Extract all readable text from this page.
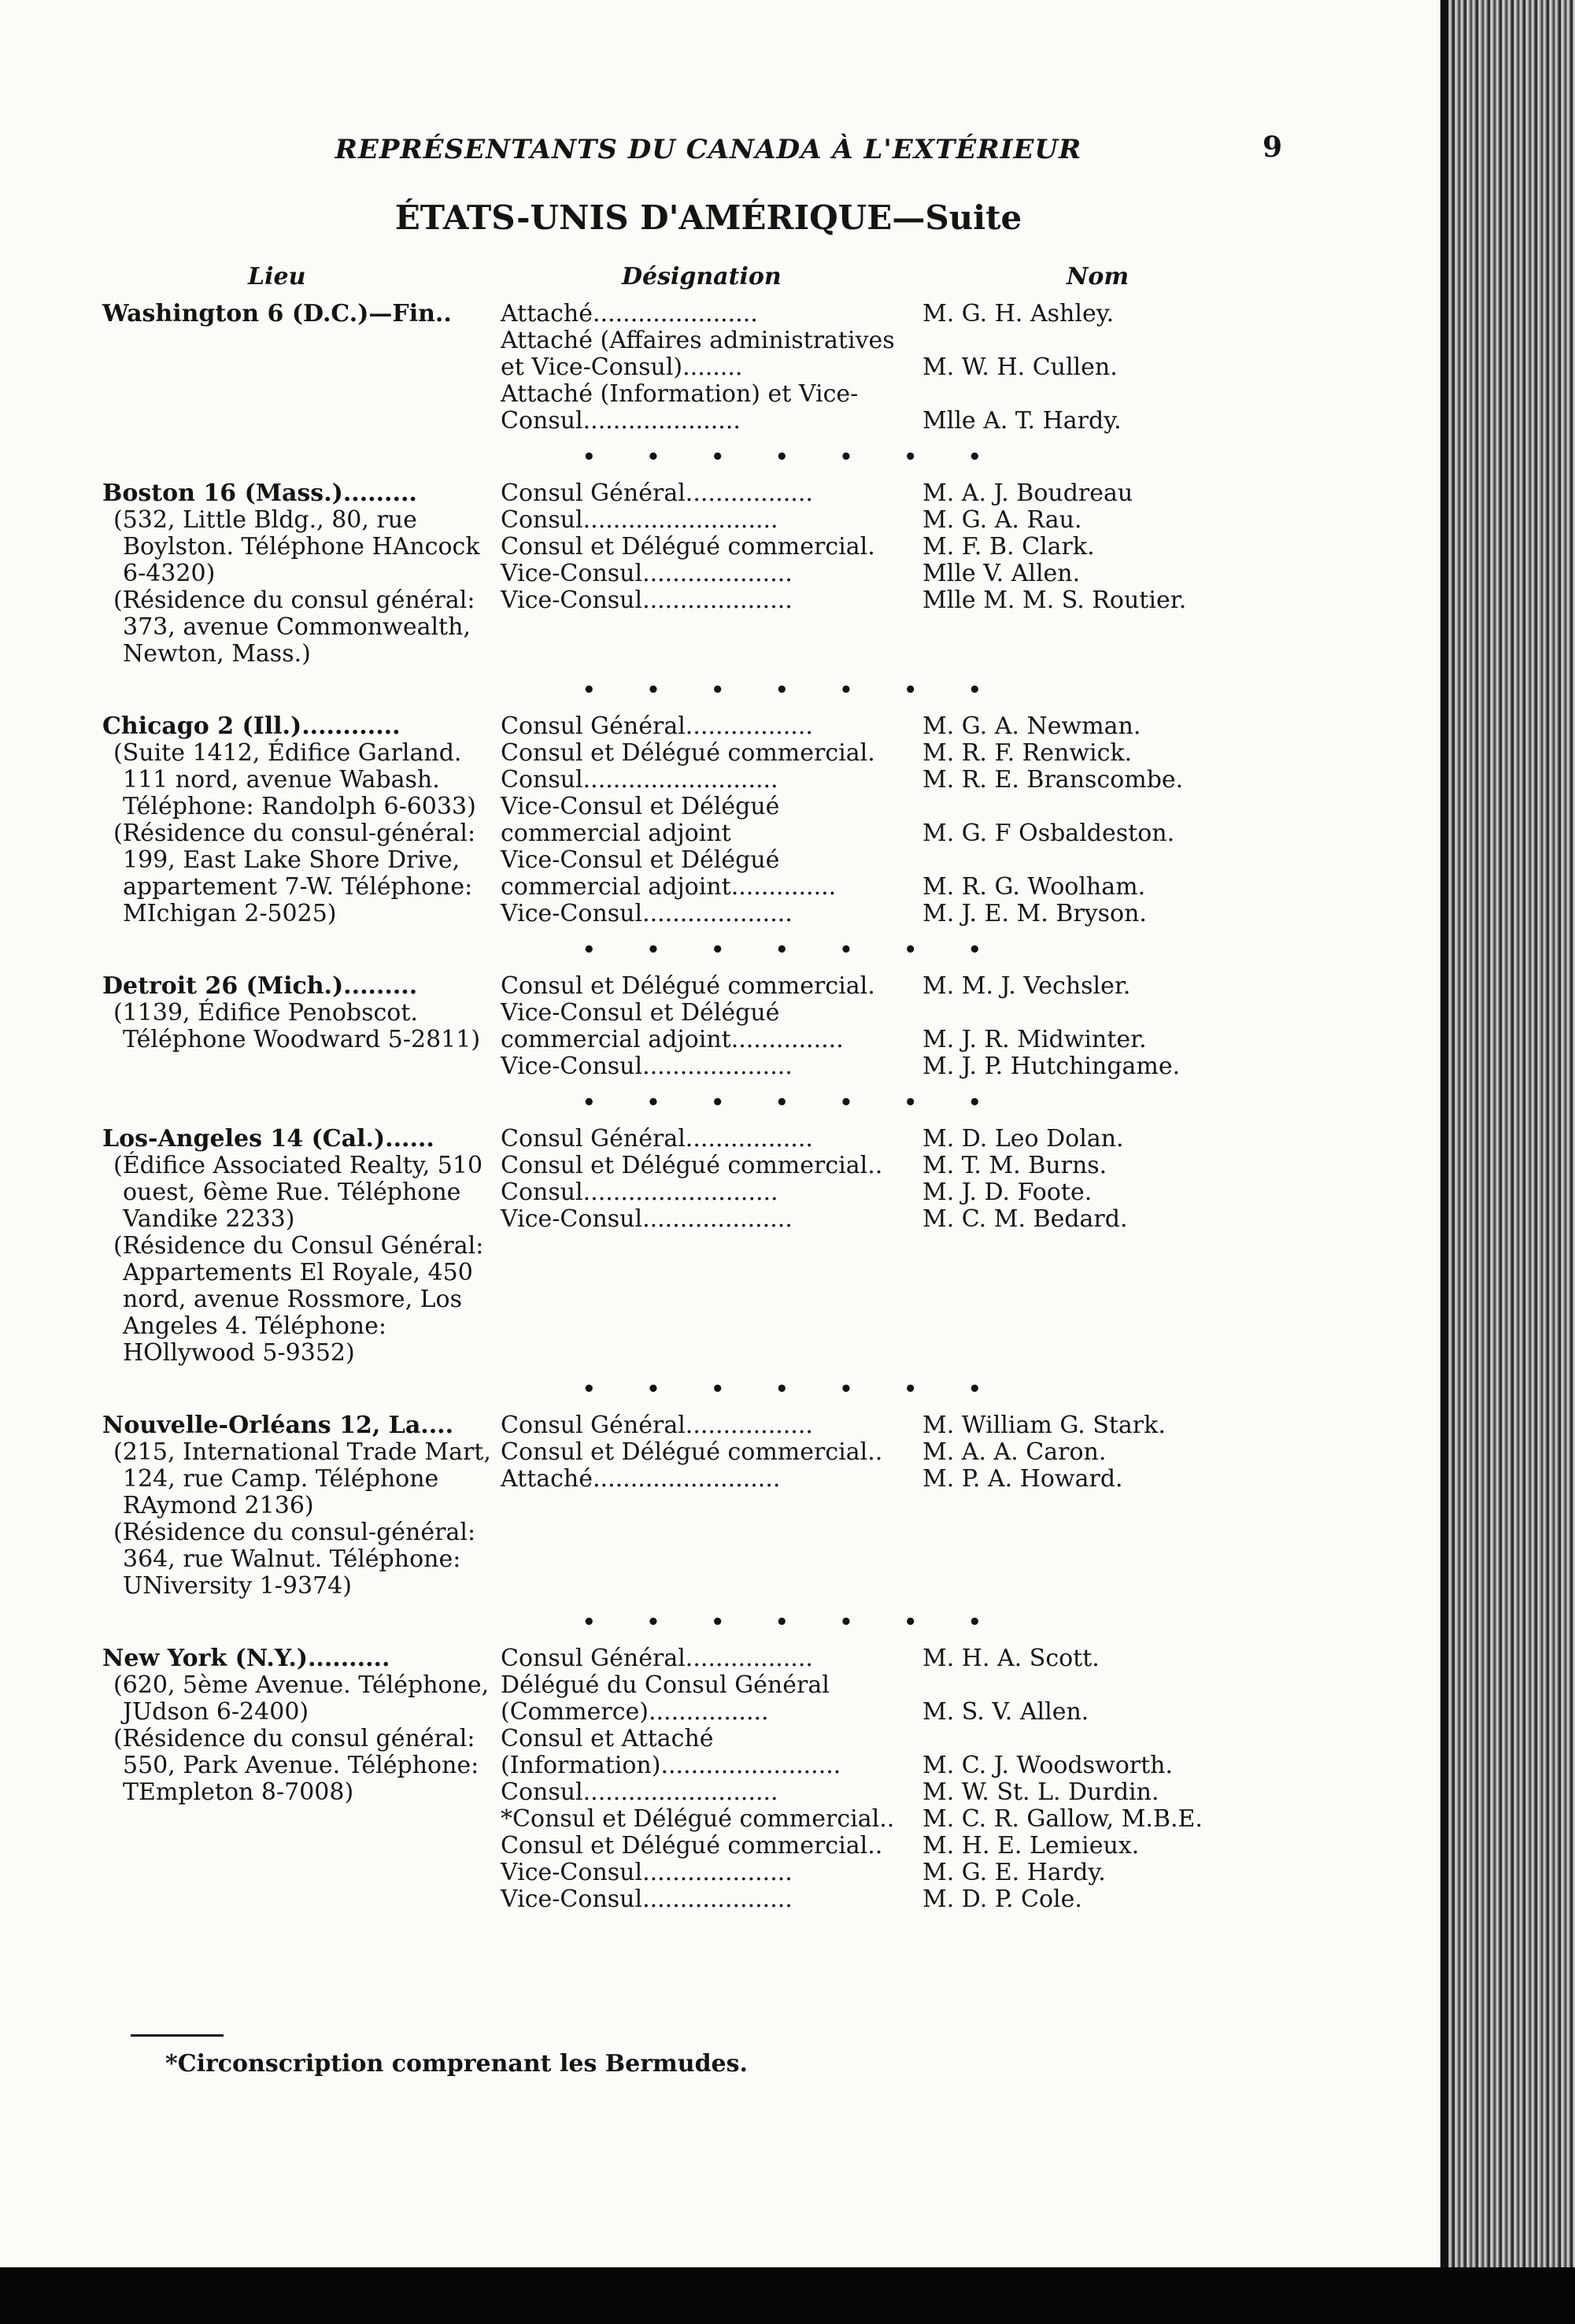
REPRÉSENTANTS DU CANADA À L'EXTÉRIEUR	9
ÉTATS-UNIS D'AMÉRIQUE—Suite
Lieu	Désignation	Nom
Washington 6 (D.C.)—Fin..	Attaché......................	M. G. H. Ashley.
Attaché (Affaires administratives et Vice-Consul)........	M. W. H. Cullen.
Attaché (Information) et Vice-Consul.....................	Mlle A. T. Hardy.
• • • • • • •
Boston 16 (Mass.).........
(532, Little Bldg., 80, rue Boylston. Téléphone HAncock 6-4320)
(Résidence du consul général: 373, avenue Commonwealth, Newton, Mass.)
Consul Général.................	M. A. J. Boudreau
Consul..........................	M. G. A. Rau.
Consul et Délégué commercial.	M. F. B. Clark.
Vice-Consul....................	Mlle V. Allen.
Vice-Consul....................	Mlle M. M. S. Routier.
• • • • • • •
Chicago 2 (Ill.)............
(Suite 1412, Édifice Garland. 111 nord, avenue Wabash. Téléphone: Randolph 6-6033)
(Résidence du consul-général: 199, East Lake Shore Drive, appartement 7-W. Téléphone: MIchigan 2-5025)
Consul Général.................	M. G. A. Newman.
Consul et Délégué commercial.	M. R. F. Renwick.
Consul..........................	M. R. E. Branscombe.
Vice-Consul et Délégué commercial adjoint	M. G. F Osbaldeston.
Vice-Consul et Délégué commercial adjoint..............	M. R. G. Woolham.
Vice-Consul....................	M. J. E. M. Bryson.
• • • • • • •
Detroit 26 (Mich.).........
(1139, Édifice Penobscot. Téléphone Woodward 5-2811)
Consul et Délégué commercial.	M. M. J. Vechsler.
Vice-Consul et Délégué commercial adjoint...............	M. J. R. Midwinter.
Vice-Consul....................	M. J. P. Hutchingame.
• • • • • • •
Los-Angeles 14 (Cal.)......
(Édifice Associated Realty, 510 ouest, 6ème Rue. Téléphone Vandike 2233)
(Résidence du Consul Général: Appartements El Royale, 450 nord, avenue Rossmore, Los Angeles 4. Téléphone: HOllywood 5-9352)
Consul Général.................	M. D. Leo Dolan.
Consul et Délégué commercial..	M. T. M. Burns.
Consul..........................	M. J. D. Foote.
Vice-Consul....................	M. C. M. Bedard.
• • • • • • •
Nouvelle-Orléans 12, La....
(215, International Trade Mart, 124, rue Camp. Téléphone RAymond 2136)
(Résidence du consul-général: 364, rue Walnut. Téléphone: UNiversity 1-9374)
Consul Général.................	M. William G. Stark.
Consul et Délégué commercial..	M. A. A. Caron.
Attaché.........................	M. P. A. Howard.
• • • • • • •
New York (N.Y.)..........
(620, 5ème Avenue. Téléphone, JUdson 6-2400)
(Résidence du consul général: 550, Park Avenue. Téléphone: TEmpleton 8-7008)
Consul Général.................	M. H. A. Scott.
Délégué du Consul Général (Commerce)................	M. S. V. Allen.
Consul et Attaché (Information)........................	M. C. J. Woodsworth.
Consul..........................	M. W. St. L. Durdin.
*Consul et Délégué commercial..	M. C. R. Gallow, M.B.E.
Consul et Délégué commercial..	M. H. E. Lemieux.
Vice-Consul....................	M. G. E. Hardy.
Vice-Consul....................	M. D. P. Cole.
*Circonscription comprenant les Bermudes.
